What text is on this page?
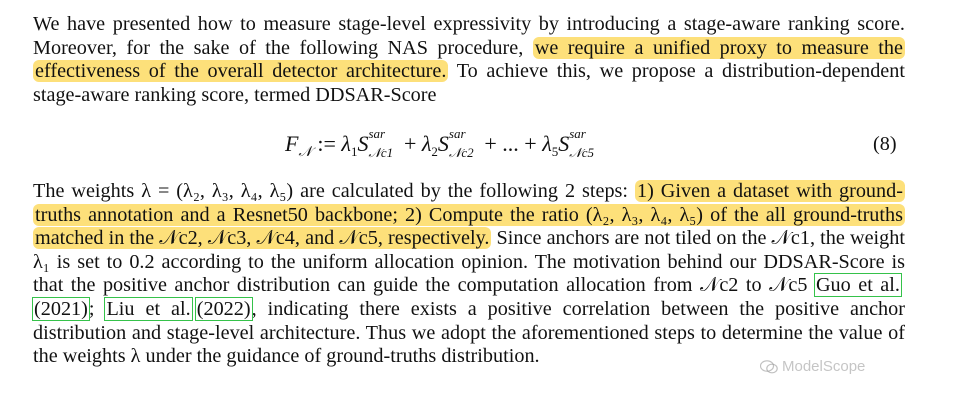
We have presented how to measure stage-level expressivity by introducing a stage-aware ranking score. Moreover, for the sake of the following NAS procedure, we require a unified proxy to measure the effectiveness of the overall detector architecture. To achieve this, we propose a distribution-dependent stage-aware ranking score, termed DDSAR-Score
$F_𝒩$ := $\lambda_1S$ sar
𝒩c1 + $\lambda_2S$ sar
𝒩c2 + ... + $\lambda_5S$ sar
𝒩c5	(8)
The weights λ = (λ₂, λ₃, λ₄, λ₅) are calculated by the following 2 steps: 1) Given a dataset with ground-truths annotation and a Resnet50 backbone; 2) Compute the ratio (λ₂, λ₃, λ₄, λ₅) of the all ground-truths matched in the 𝒩c2, 𝒩c3, 𝒩c4, and 𝒩c5, respectively. Since anchors are not tiled on the 𝒩c1, the weight λ₁ is set to 0.2 according to the uniform allocation opinion. The motivation behind our DDSAR-Score is that the positive anchor distribution can guide the computation allocation from 𝒩c2 to 𝒩c5 Guo et al. (2021); Liu et al.  (2022), indicating there exists a positive correlation between the positive anchor distribution and stage-level architecture. Thus we adopt the aforementioned steps to determine the value of the weights λ under the guidance of ground-truths distribution.	ModelScope
